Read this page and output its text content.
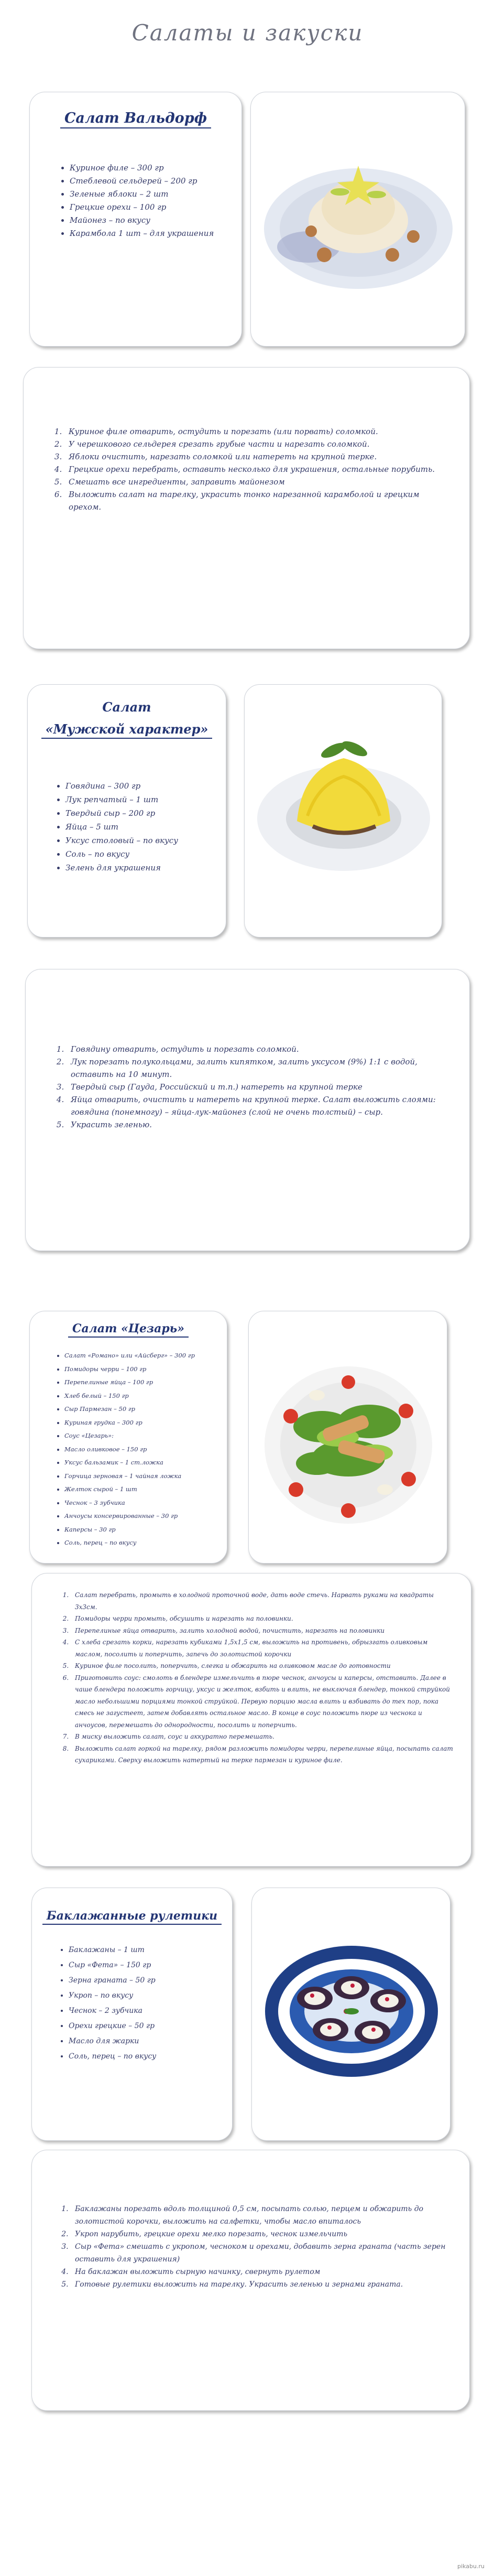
Салаты и закуски
Салат Вальдорф
• Куриное филе – 300 гр
• Стеблевой сельдерей – 200 гр
• Зеленые яблоки – 2 шт
• Грецкие орехи – 100 гр
• Майонез – по вкусу
• Карамбола 1 шт – для украшения
1. Куриное филе отварить, остудить и порезать (или порвать) соломкой.
2. У черешкового сельдерея срезать грубые части и нарезать соломкой.
3. Яблоки очистить, нарезать соломкой или натереть на крупной терке.
4. Грецкие орехи перебрать, оставить несколько для украшения, остальные порубить.
5. Смешать все ингредиенты, заправить майонезом
6. Выложить салат на тарелку, украсить тонко нарезанной карамболой и грецким орехом.
Салат
«Мужской характер»
• Говядина – 300 гр
• Лук репчатый – 1 шт
• Твердый сыр – 200 гр
• Яйца – 5 шт
• Уксус столовый – по вкусу
• Соль – по вкусу
• Зелень для украшения
1. Говядину отварить, остудить и порезать соломкой.
2. Лук порезать полукольцами, залить кипятком, залить уксусом (9%) 1:1 с водой, оставить на 10 минут.
3. Твердый сыр (Гауда, Российский и т.п.) натереть на крупной терке
4. Яйца отварить, очистить и натереть на крупной терке. Салат выложить слоями: говядина (понемногу) – яйца-лук-майонез (слой не очень толстый) – сыр.
5. Украсить зеленью.
Салат «Цезарь»
• Салат «Романо» или «Айсберг» – 300 гр
• Помидоры черри – 100 гр
• Перепелиные яйца – 100 гр
• Хлеб белый – 150 гр
• Сыр Пармезан – 50 гр
• Куриная грудка – 300 гр
• Соус «Цезарь»:
• Масло оливковое – 150 гр
• Уксус бальзамик – 1 ст.ложка
• Горчица зерновая – 1 чайная ложка
• Желток сырой – 1 шт
• Чеснок – 3 зубчика
• Анчоусы консервированные – 30 гр
• Каперсы – 30 гр
• Соль, перец – по вкусу
1. Салат перебрать, промыть в холодной проточной воде, дать воде стечь. Нарвать руками на квадраты 3х3см.
2. Помидоры черри промыть, обсушить и нарезать на половинки.
3. Перепелиные яйца отварить, залить холодной водой, почистить, нарезать на половинки
4. С хлеба срезать корки, нарезать кубиками 1,5х1,5 см, выложить на противень, обрызгать оливковым маслом, посолить и поперчить, запечь до золотистой корочки
5. Куриное филе посолить, поперчить, слегка и обжарить на оливковом масле до готовности
6. Приготовить соус: смолоть в блендере измельчить в пюре чеснок, анчоусы и каперсы, отставить. Далее в чаше блендера положить горчицу, уксус и желток, взбить и влить, не выключая блендер, тонкой струйкой масло небольшими порциями тонкой струйкой. Первую порцию масла влить и взбивать до тех пор, пока смесь не загустеет, затем добавлять остальное масло. В конце в соус положить пюре из чеснока и анчоусов, перемешать до однородности, посолить и поперчить.
7. В миску выложить салат, соус и аккуратно перемешать.
8. Выложить салат горкой на тарелку, рядом разложить помидоры черри, перепелиные яйца, посыпать салат сухариками. Сверху выложить натертый на терке пармезан и куриное филе.
Баклажанные рулетики
• Баклажаны – 1 шт
• Сыр «Фета» – 150 гр
• Зерна граната – 50 гр
• Укроп – по вкусу
• Чеснок – 2 зубчика
• Орехи грецкие – 50 гр
• Масло для жарки
• Соль, перец – по вкусу
1. Баклажаны порезать вдоль толщиной 0,5 см, посыпать солью, перцем и обжарить до золотистой корочки, выложить на салфетки, чтобы масло впиталось
2. Укроп нарубить, грецкие орехи мелко порезать, чеснок измельчить
3. Сыр «Фета» смешать с укропом, чесноком и орехами, добавить зерна граната (часть зерен оставить для украшения)
4. На баклажан выложить сырную начинку, свернуть рулетом
5. Готовые рулетики выложить на тарелку. Украсить зеленью и зернами граната.
pikabu.ru
